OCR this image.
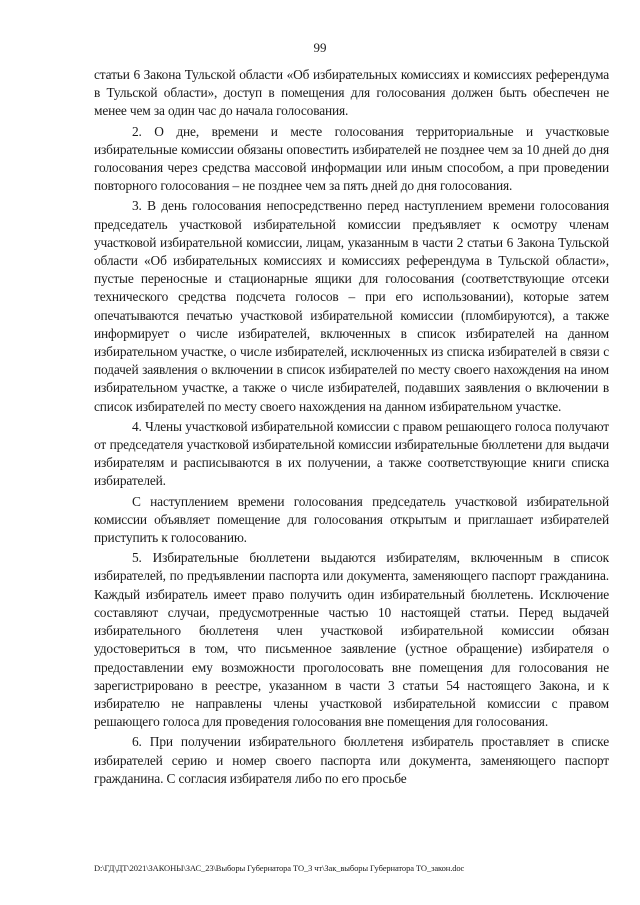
99

статьи 6 Закона Тульской области «Об избирательных комиссиях и комиссиях референдума в Тульской области», доступ в помещения для голосования должен быть обеспечен не менее чем за один час до начала голосования.

2. О дне, времени и месте голосования территориальные и участковые избирательные комиссии обязаны оповестить избирателей не позднее чем за 10 дней до дня голосования через средства массовой информации или иным способом, а при проведении повторного голосования – не позднее чем за пять дней до дня голосования.

3. В день голосования непосредственно перед наступлением времени голосования председатель участковой избирательной комиссии предъявляет к осмотру членам участковой избирательной комиссии, лицам, указанным в части 2 статьи 6 Закона Тульской области «Об избирательных комиссиях и комиссиях референдума в Тульской области», пустые переносные и стационарные ящики для голосования (соответствующие отсеки технического средства подсчета голосов – при его использовании), которые затем опечатываются печатью участковой избирательной комиссии (пломбируются), а также информирует о числе избирателей, включенных в список избирателей на данном избирательном участке, о числе избирателей, исключенных из списка избирателей в связи с подачей заявления о включении в список избирателей по месту своего нахождения на ином избирательном участке, а также о числе избирателей, подавших заявления о включении в список избирателей по месту своего нахождения на данном избирательном участке.

4. Члены участковой избирательной комиссии с правом решающего голоса получают от председателя участковой избирательной комиссии избирательные бюллетени для выдачи избирателям и расписываются в их получении, а также соответствующие книги списка избирателей.

С наступлением времени голосования председатель участковой избирательной комиссии объявляет помещение для голосования открытым и приглашает избирателей приступить к голосованию.

5. Избирательные бюллетени выдаются избирателям, включенным в список избирателей, по предъявлении паспорта или документа, заменяющего паспорт гражданина. Каждый избиратель имеет право получить один избирательный бюллетень. Исключение составляют случаи, предусмотренные частью 10 настоящей статьи. Перед выдачей избирательного бюллетеня член участковой избирательной комиссии обязан удостовериться в том, что письменное заявление (устное обращение) избирателя о предоставлении ему возможности проголосовать вне помещения для голосования не зарегистрировано в реестре, указанном в части 3 статьи 54 настоящего Закона, и к избирателю не направлены члены участковой избирательной комиссии с правом решающего голоса для проведения голосования вне помещения для голосования.

6. При получении избирательного бюллетеня избиратель проставляет в списке избирателей серию и номер своего паспорта или документа, заменяющего паспорт гражданина. С согласия избирателя либо по его просьбе

D:\ГД\ДТ\2021\ЗАКОНЫ\ЗАС_23\Выборы Губернатора ТО_3 чт\Зак_выборы Губернатора ТО_закон.doc
